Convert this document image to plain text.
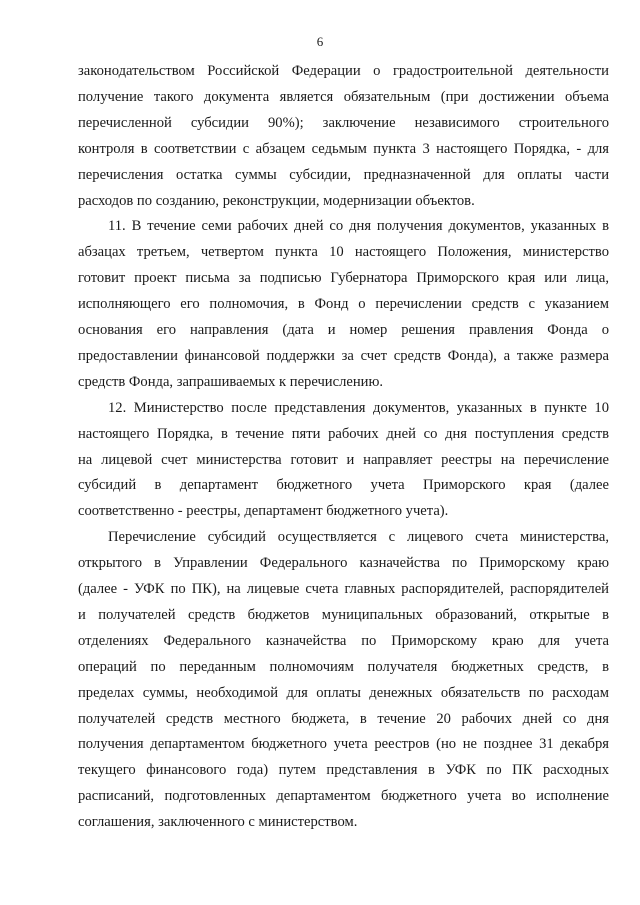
6
законодательством Российской Федерации о градостроительной деятельности
получение такого документа является обязательным (при достижении объема
перечисленной субсидии 90%); заключение независимого строительного
контроля в соответствии с абзацем седьмым пункта 3 настоящего Порядка, - для
перечисления остатка суммы субсидии, предназначенной для оплаты части
расходов по созданию, реконструкции, модернизации объектов.
11. В течение семи рабочих дней со дня получения документов, указанных в
абзацах третьем, четвертом пункта 10 настоящего Положения, министерство
готовит проект письма за подписью Губернатора Приморского края или лица,
исполняющего его полномочия, в Фонд о перечислении средств с указанием
основания его направления (дата и номер решения правления Фонда о
предоставлении финансовой поддержки за счет средств Фонда), а также размера
средств Фонда, запрашиваемых к перечислению.
12. Министерство после представления документов, указанных в пункте 10
настоящего Порядка, в течение пяти рабочих дней со дня поступления средств
на лицевой счет министерства готовит и направляет реестры на перечисление
субсидий в департамент бюджетного учета Приморского края (далее
соответственно - реестры, департамент бюджетного учета).
Перечисление субсидий осуществляется с лицевого счета министерства,
открытого в Управлении Федерального казначейства по Приморскому краю
(далее - УФК по ПК), на лицевые счета главных распорядителей, распорядителей
и получателей средств бюджетов муниципальных образований, открытые в
отделениях Федерального казначейства по Приморскому краю для учета
операций по переданным полномочиям получателя бюджетных средств, в
пределах суммы, необходимой для оплаты денежных обязательств по расходам
получателей средств местного бюджета, в течение 20 рабочих дней со дня
получения департаментом бюджетного учета реестров (но не позднее 31 декабря
текущего финансового года) путем представления в УФК по ПК расходных
расписаний, подготовленных департаментом бюджетного учета во исполнение
соглашения, заключенного с министерством.
